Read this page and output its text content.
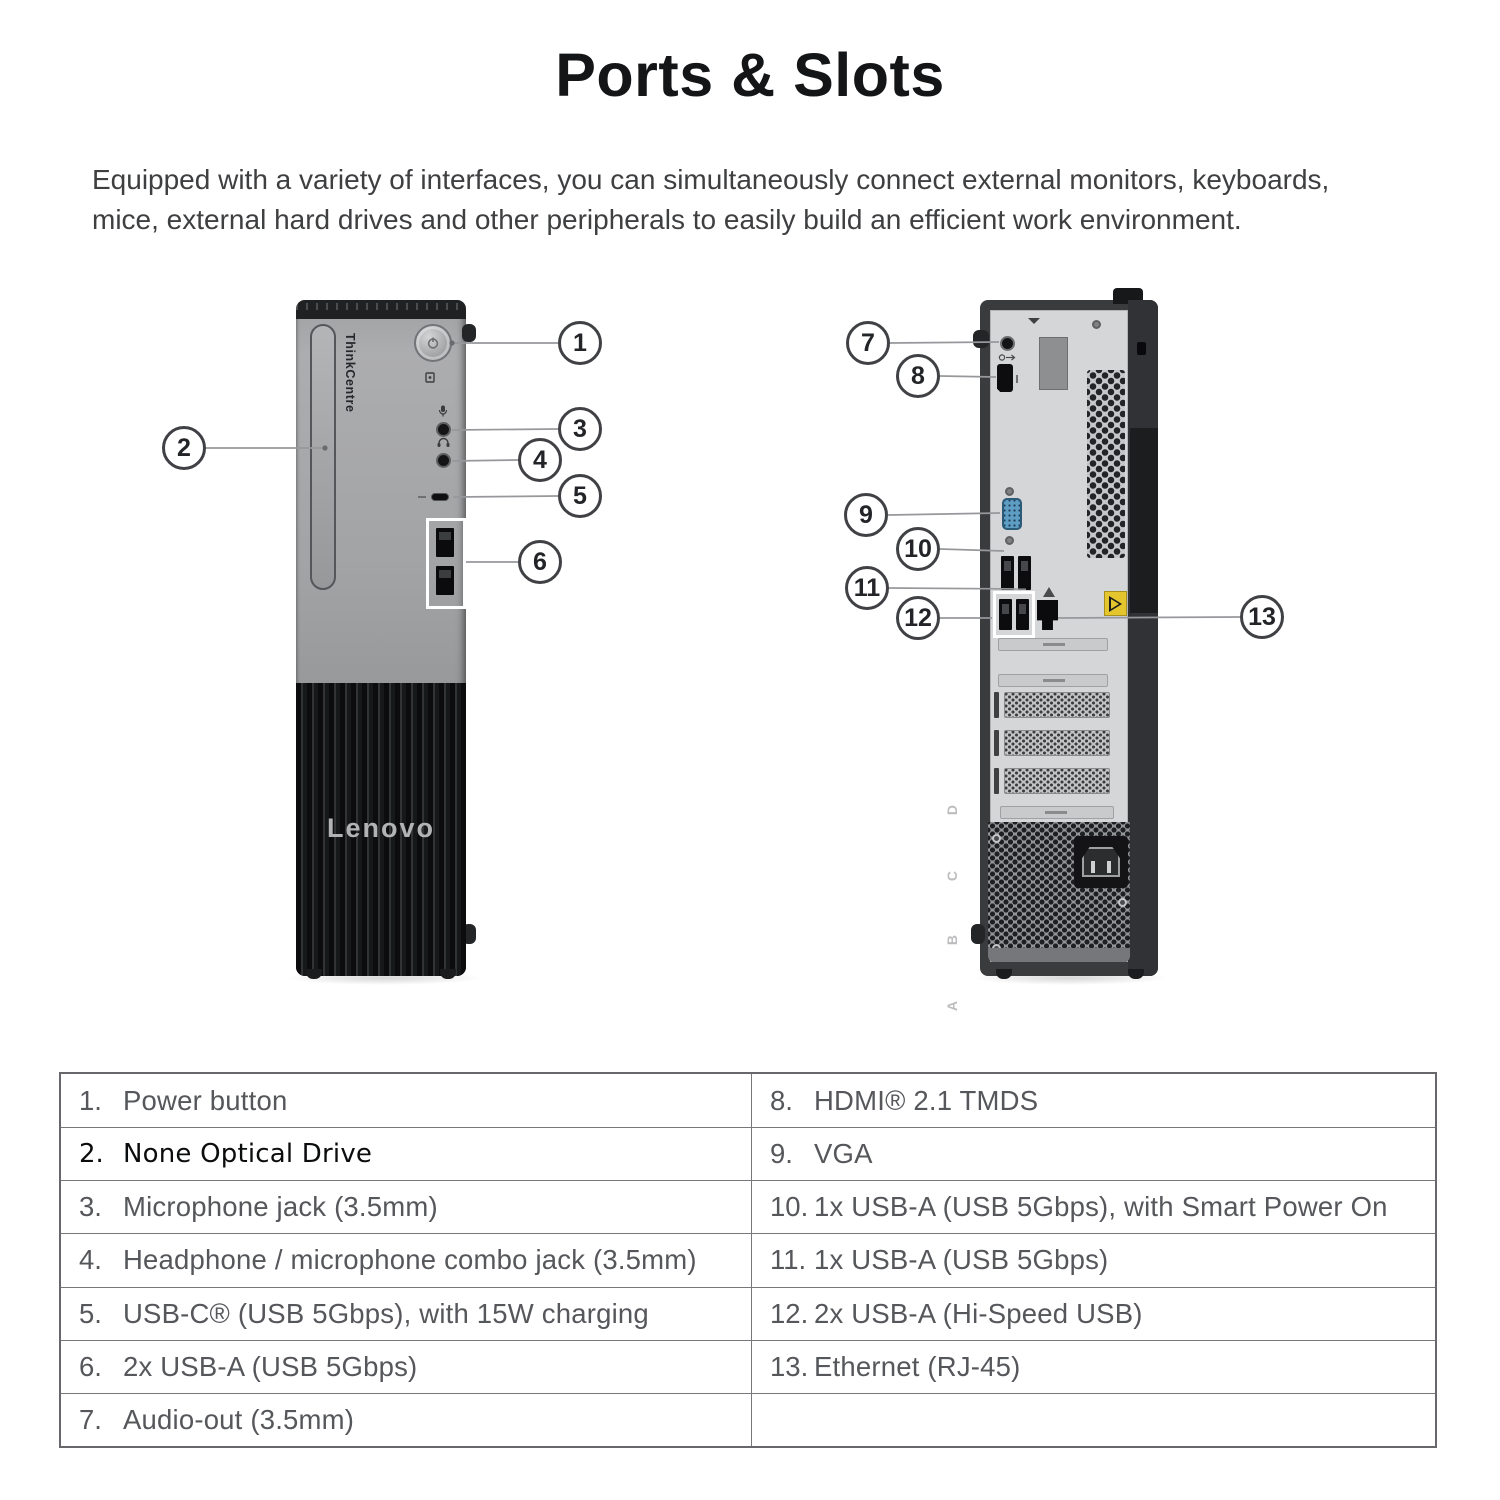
Ports & Slots
Equipped with a variety of interfaces, you can simultaneously connect external monitors, keyboards,
mice, external hard drives and other peripherals to easily build an efficient work environment.
ThinkCentre
Lenovo
D
C
B
A
1
2
3
4
5
6
7
8
9
10
11
12	13
1. Power button
2. None Optical Drive
3. Microphone jack (3.5mm)
4. Headphone / microphone combo jack (3.5mm)
5. USB-C® (USB 5Gbps), with 15W charging
6. 2x USB-A (USB 5Gbps)
7. Audio-out (3.5mm)
8. HDMI® 2.1 TMDS
9. VGA
10. 1x USB-A (USB 5Gbps), with Smart Power On
11. 1x USB-A (USB 5Gbps)
12. 2x USB-A (Hi-Speed USB)
13. Ethernet (RJ-45)
